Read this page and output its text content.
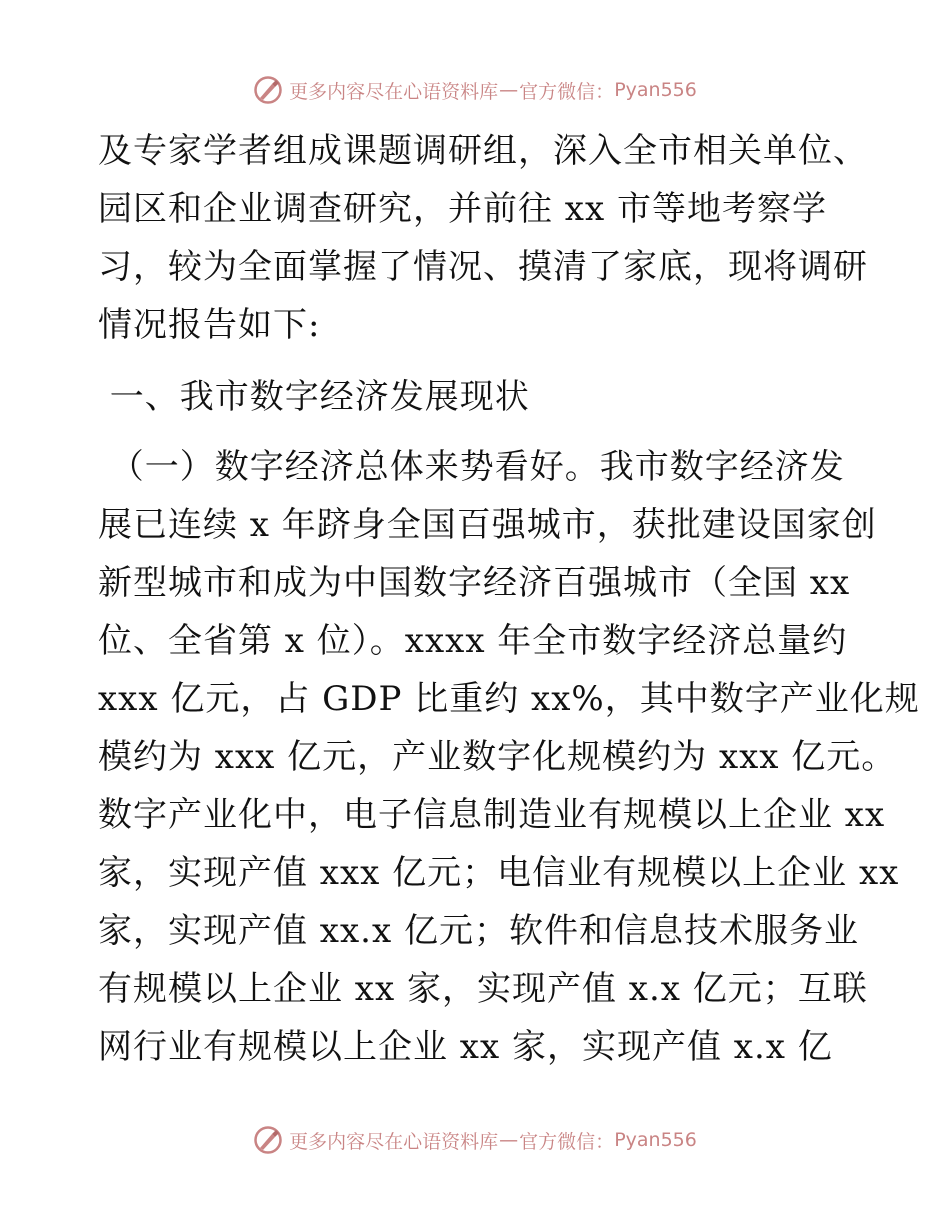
更多内容尽在心语资料库 — 官方微信： Pyan556
及专家学者组成课题调研组，深入全市相关单位、
园区和企业调查研究，并前往 xx 市等地考察学
习，较为全面掌握了情况、摸清了家底，现将调研
情况报告如下:
一、我市数字经济发展现状
（一）数字经济总体来势看好。我市数字经济发
展已连续 x 年跻身全国百强城市，获批建设国家创
新型城市和成为中国数字经济百强城市（全国 xx
位、全省第 x 位）。xxxx 年全市数字经济总量约
xxx 亿元，占 GDP 比重约 xx%，其中数字产业化规
模约为 xxx 亿元，产业数字化规模约为 xxx 亿元。
数字产业化中，电子信息制造业有规模以上企业 xx
家，实现产值 xxx 亿元；电信业有规模以上企业 xx
家，实现产值 xx.x 亿元；软件和信息技术服务业
有规模以上企业 xx 家，实现产值 x.x 亿元；互联
网行业有规模以上企业 xx 家，实现产值 x.x 亿
更多内容尽在心语资料库 — 官方微信： Pyan556
